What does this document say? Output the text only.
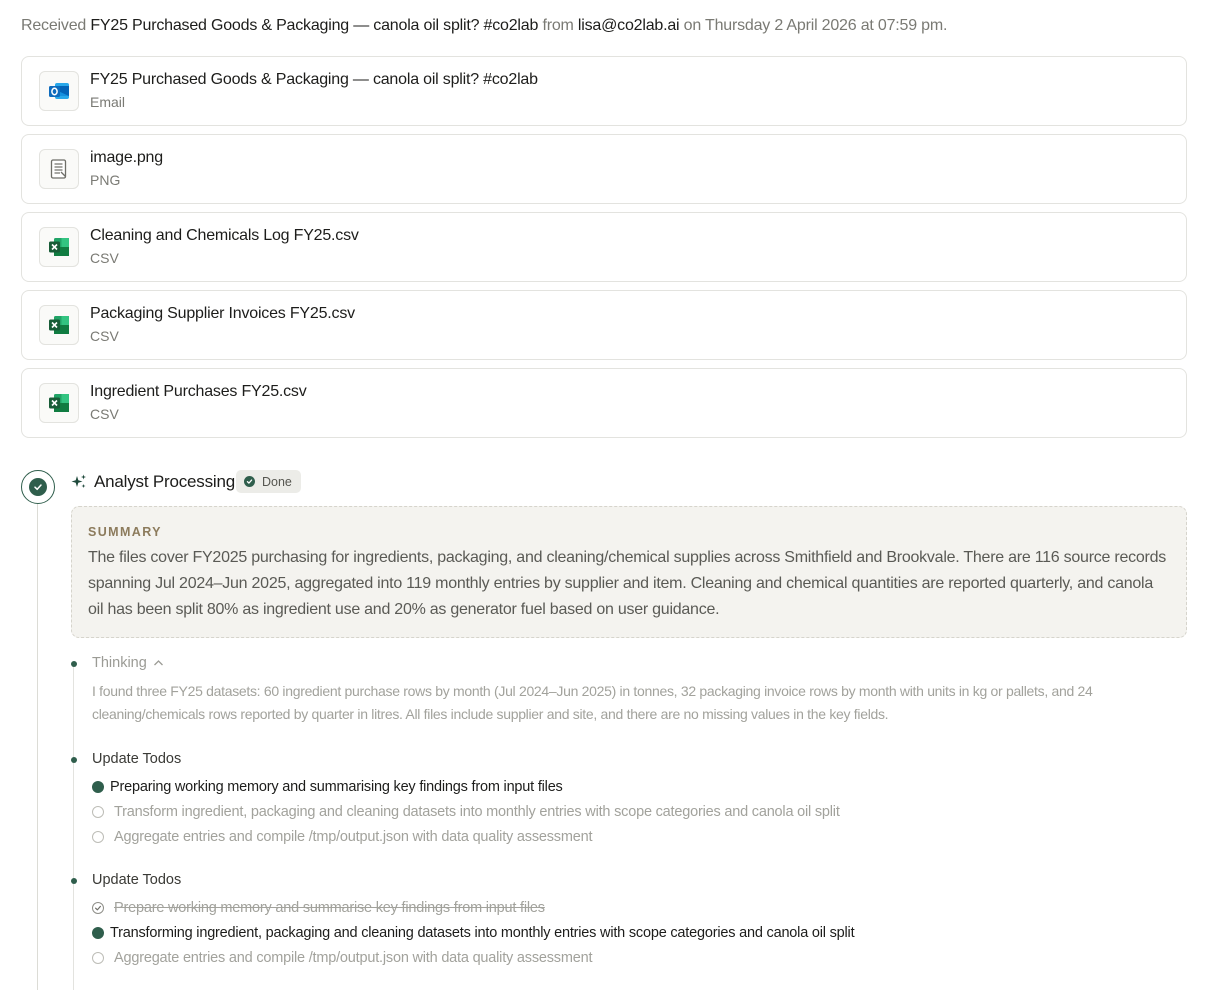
Received FY25 Purchased Goods & Packaging — canola oil split? #co2lab from lisa@co2lab.ai on Thursday 2 April 2026 at 07:59 pm.
FY25 Purchased Goods & Packaging — canola oil split? #co2lab
Email
image.png
PNG
Cleaning and Chemicals Log FY25.csv
CSV
Packaging Supplier Invoices FY25.csv
CSV
Ingredient Purchases FY25.csv
CSV
Analyst Processing Done
SUMMARY
The files cover FY2025 purchasing for ingredients, packaging, and cleaning/chemical supplies across Smithfield and Brookvale. There are 116 source records spanning Jul 2024–Jun 2025, aggregated into 119 monthly entries by supplier and item. Cleaning and chemical quantities are reported quarterly, and canola oil has been split 80% as ingredient use and 20% as generator fuel based on user guidance.
Thinking
I found three FY25 datasets: 60 ingredient purchase rows by month (Jul 2024–Jun 2025) in tonnes, 32 packaging invoice rows by month with units in kg or pallets, and 24 cleaning/chemicals rows reported by quarter in litres. All files include supplier and site, and there are no missing values in the key fields.
Update Todos
Preparing working memory and summarising key findings from input files
Transform ingredient, packaging and cleaning datasets into monthly entries with scope categories and canola oil split
Aggregate entries and compile /tmp/output.json with data quality assessment
Update Todos
Prepare working memory and summarise key findings from input files
Transforming ingredient, packaging and cleaning datasets into monthly entries with scope categories and canola oil split
Aggregate entries and compile /tmp/output.json with data quality assessment
